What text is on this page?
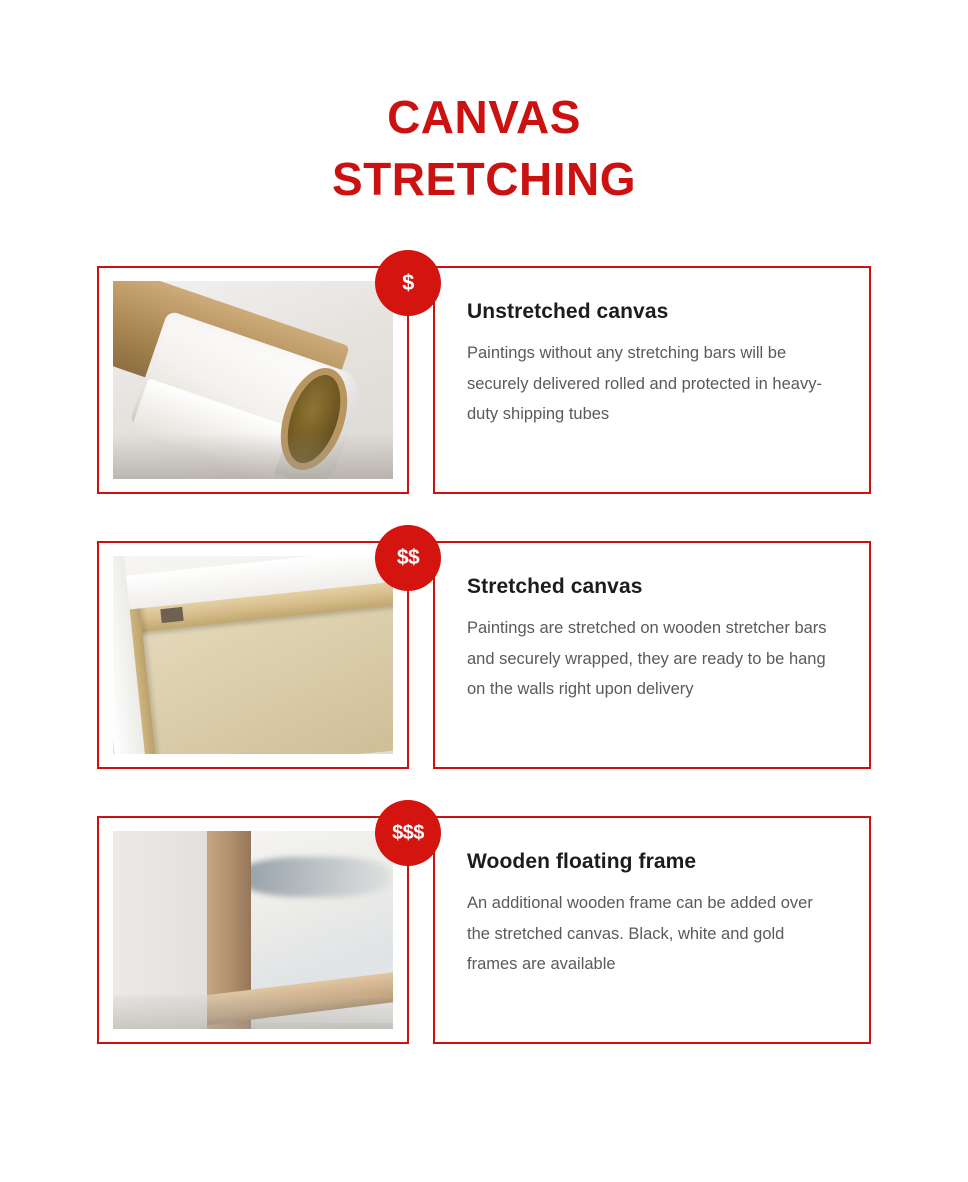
CANVAS
STRETCHING
$
Unstretched canvas

Paintings without any stretching bars will be securely delivered rolled and protected in heavy-duty shipping tubes

$$
Stretched canvas

Paintings are stretched on wooden stretcher bars and securely wrapped, they are ready to be hang on the walls right upon delivery

$$$
Wooden floating frame

An additional wooden frame can be added over the stretched canvas. Black, white and gold frames are available
